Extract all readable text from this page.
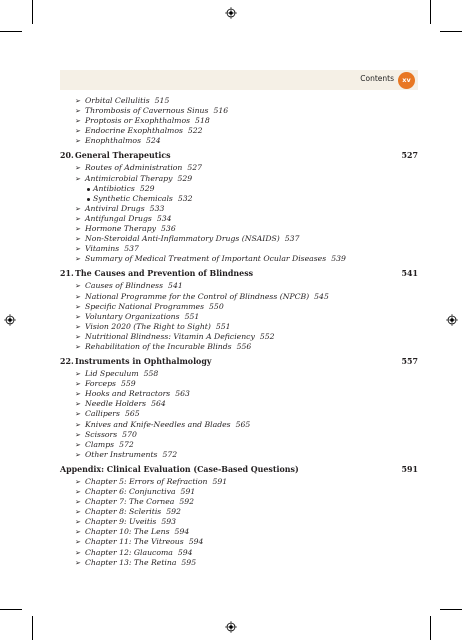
Contents	xv
➢ Orbital Cellulitis 515
➢ Thrombosis of Cavernous Sinus 516
➢ Proptosis or Exophthalmos 518
➢ Endocrine Exophthalmos 522
➢ Enophthalmos 524
20.General Therapeutics	527
➢ Routes of Administration 527
➢ Antimicrobial Therapy 529
Antibiotics 529
Synthetic Chemicals 532
➢ Antiviral Drugs 533
➢ Antifungal Drugs 534
➢ Hormone Therapy 536
➢ Non-Steroidal Anti-Inflammatory Drugs (NSAIDS) 537
➢ Vitamins 537
➢ Summary of Medical Treatment of Important Ocular Diseases 539
21.The Causes and Prevention of Blindness	541
➢ Causes of Blindness 541
➢ National Programme for the Control of Blindness (NPCB) 545
➢ Specific National Programmes 550
➢ Voluntary Organizations 551
➢ Vision 2020 (The Right to Sight) 551
➢ Nutritional Blindness: Vitamin A Deficiency 552
➢ Rehabilitation of the Incurable Blinds 556
22.Instruments in Ophthalmology	557
➢ Lid Speculum 558
➢ Forceps 559
➢ Hooks and Retractors 563
➢ Needle Holders 564
➢ Callipers 565
➢ Knives and Knife-Needles and Blades 565
➢ Scissors 570
➢ Clamps 572
➢ Other Instruments 572
Appendix: Clinical Evaluation (Case-Based Questions)	591
➢ Chapter 5: Errors of Refraction 591
➢ Chapter 6: Conjunctiva 591
➢ Chapter 7: The Cornea 592
➢ Chapter 8: Scleritis 592
➢ Chapter 9: Uveitis 593
➢ Chapter 10: The Lens 594
➢ Chapter 11: The Vitreous 594
➢ Chapter 12: Glaucoma 594
➢ Chapter 13: The Retina 595
